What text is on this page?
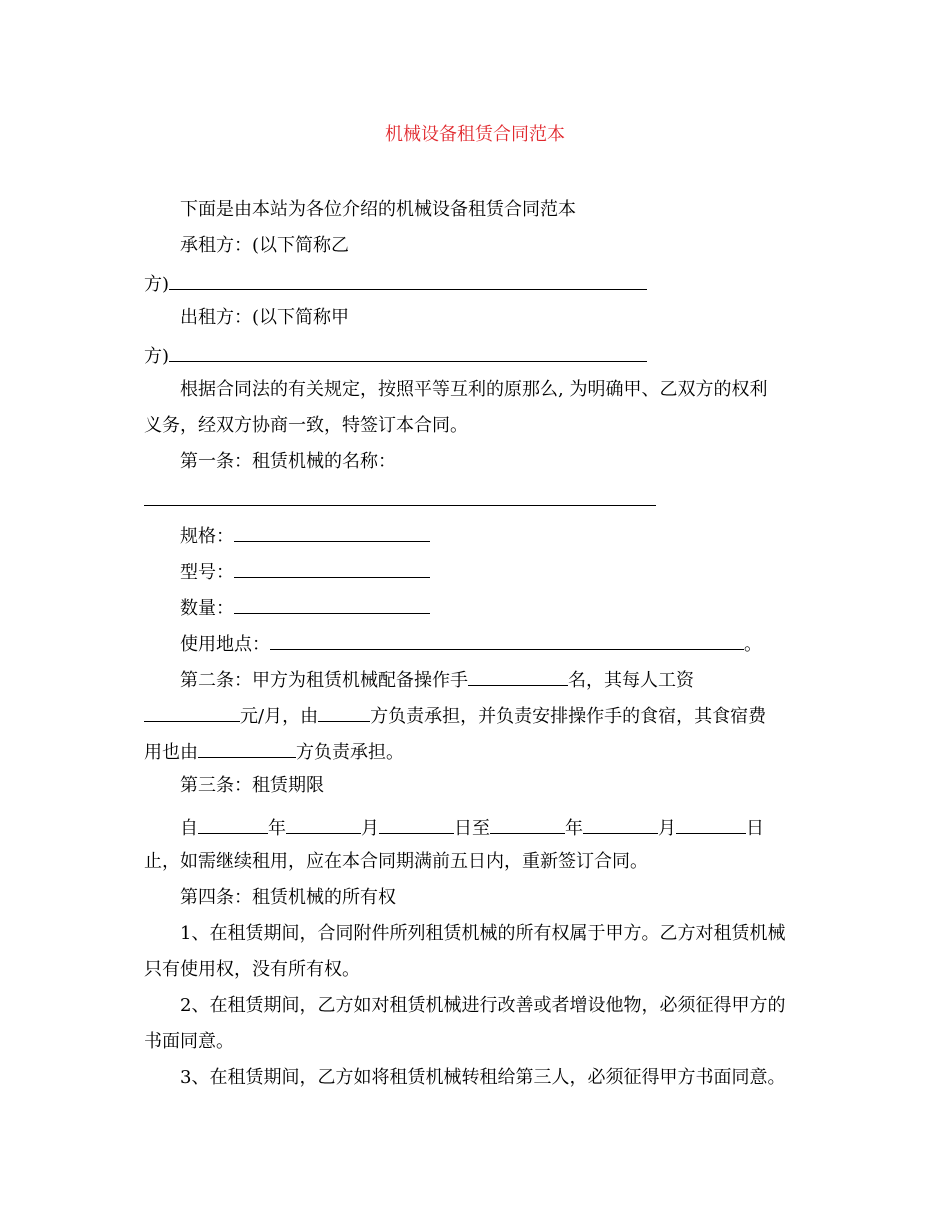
机械设备租赁合同范本
下面是由本站为各位介绍的机械设备租赁合同范本
承租方：(以下简称乙
方)
出租方：(以下简称甲
方)
根据合同法的有关规定，按照平等互利的原那么, 为明确甲、乙双方的权利
义务，经双方协商一致，特签订本合同。
第一条：租赁机械的名称：
规格：
型号：
数量：
使用地点：	。
第二条：甲方为租赁机械配备操作手	名，其每人工资
元/月，由	方负责承担，并负责安排操作手的食宿，其食宿费
用也由	方负责承担。
第三条：租赁期限
自	年	月	日至	年	月	日
止，如需继续租用，应在本合同期满前五日内，重新签订合同。
第四条：租赁机械的所有权
1、在租赁期间，合同附件所列租赁机械的所有权属于甲方。乙方对租赁机械
只有使用权，没有所有权。
2、在租赁期间，乙方如对租赁机械进行改善或者增设他物，必须征得甲方的
书面同意。
3、在租赁期间，乙方如将租赁机械转租给第三人，必须征得甲方书面同意。
